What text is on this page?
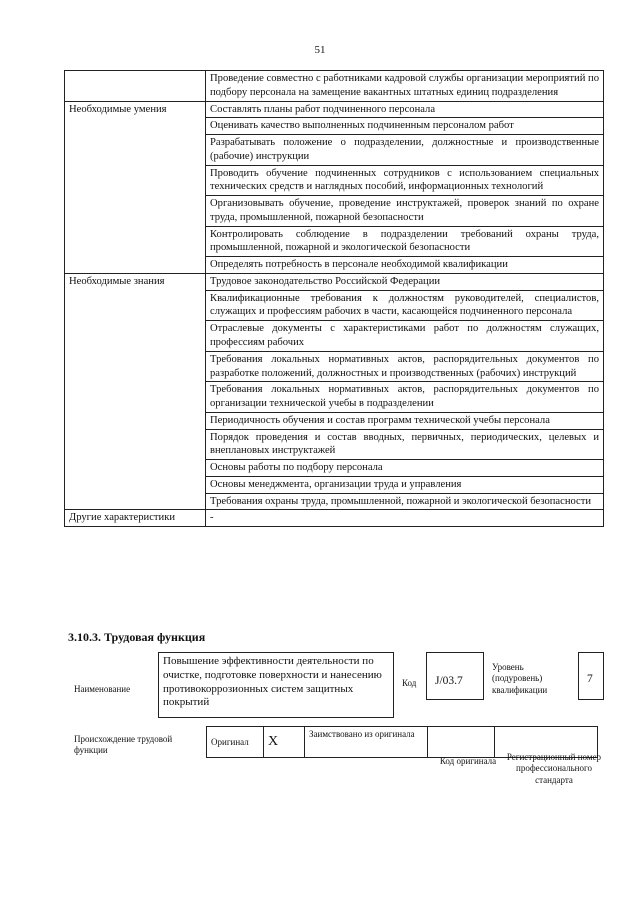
51
	Проведение совместно с работниками кадровой службы организации мероприятий по подбору персонала на замещение вакантных штатных единиц подразделения
Необходимые умения	Составлять планы работ подчиненного персонала
	Оценивать качество выполненных подчиненным персоналом работ
	Разрабатывать положение о подразделении, должностные и производственные (рабочие) инструкции
	Проводить обучение подчиненных сотрудников с использованием специальных технических средств и наглядных пособий, информационных технологий
	Организовывать обучение, проведение инструктажей, проверок знаний по охране труда, промышленной, пожарной безопасности
	Контролировать соблюдение в подразделении требований охраны труда, промышленной, пожарной и экологической безопасности
	Определять потребность в персонале необходимой квалификации
Необходимые знания	Трудовое законодательство Российской Федерации
	Квалификационные требования к должностям руководителей, специалистов, служащих и профессиям рабочих в части, касающейся подчиненного персонала
	Отраслевые документы с характеристиками работ по должностям служащих, профессиям рабочих
	Требования локальных нормативных актов, распорядительных документов по разработке положений, должностных и производственных (рабочих) инструкций
	Требования локальных нормативных актов, распорядительных документов по организации технической учебы в подразделении
	Периодичность обучения и состав программ технической учебы персонала
	Порядок проведения и состав вводных, первичных, периодических, целевых и внеплановых инструктажей
	Основы работы по подбору персонала
	Основы менеджмента, организации труда и управления
	Требования охраны труда, промышленной, пожарной и экологической безопасности
Другие характеристики	-
3.10.3. Трудовая функция
Наименование
Повышение эффективности деятельности по очистке, подготовке поверхности и нанесению противокоррозионных систем защитных покрытий
Код	J/03.7
Уровень (подуровень) квалификации
7
Происхождение трудовой функции
Оригинал	X	Заимствовано из оригинала		
Код оригинала	Регистрационный номер профессионального стандарта
